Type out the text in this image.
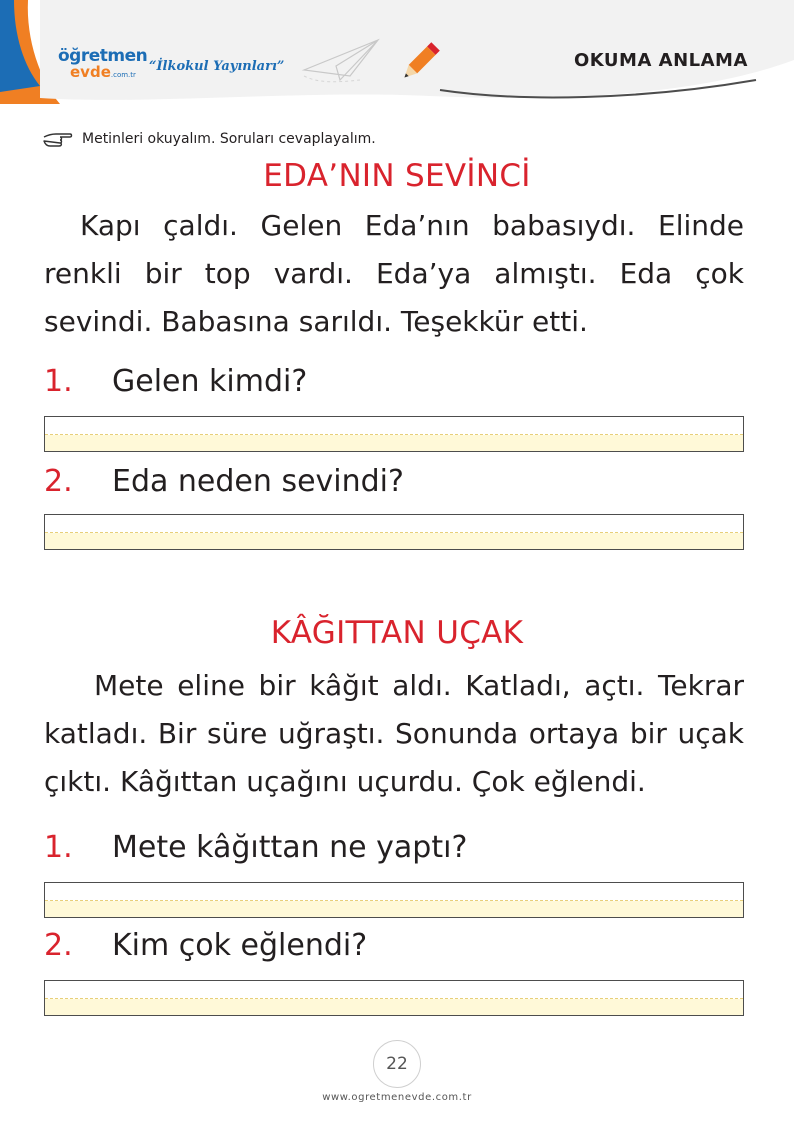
öğretmen
evde.com.tr
“İlkokul Yayınları”	OKUMA ANLAMA
Metinleri okuyalım. Soruları cevaplayalım.
EDA’NIN SEVİNCİ
Kapı çaldı. Gelen Eda’nın babasıydı. Elinde renkli bir top vardı. Eda’ya almıştı. Eda çok sevindi. Babasına sarıldı. Teşekkür etti.
1. Gelen kimdi?
2. Eda neden sevindi?
KÂĞITTAN UÇAK
Mete eline bir kâğıt aldı. Katladı, açtı. Tekrar katladı. Bir süre uğraştı. Sonunda ortaya bir uçak çıktı. Kâğıttan uçağını uçurdu. Çok eğlendi.
1. Mete kâğıttan ne yaptı?
2. Kim çok eğlendi?
22
www.ogretmenevde.com.tr
